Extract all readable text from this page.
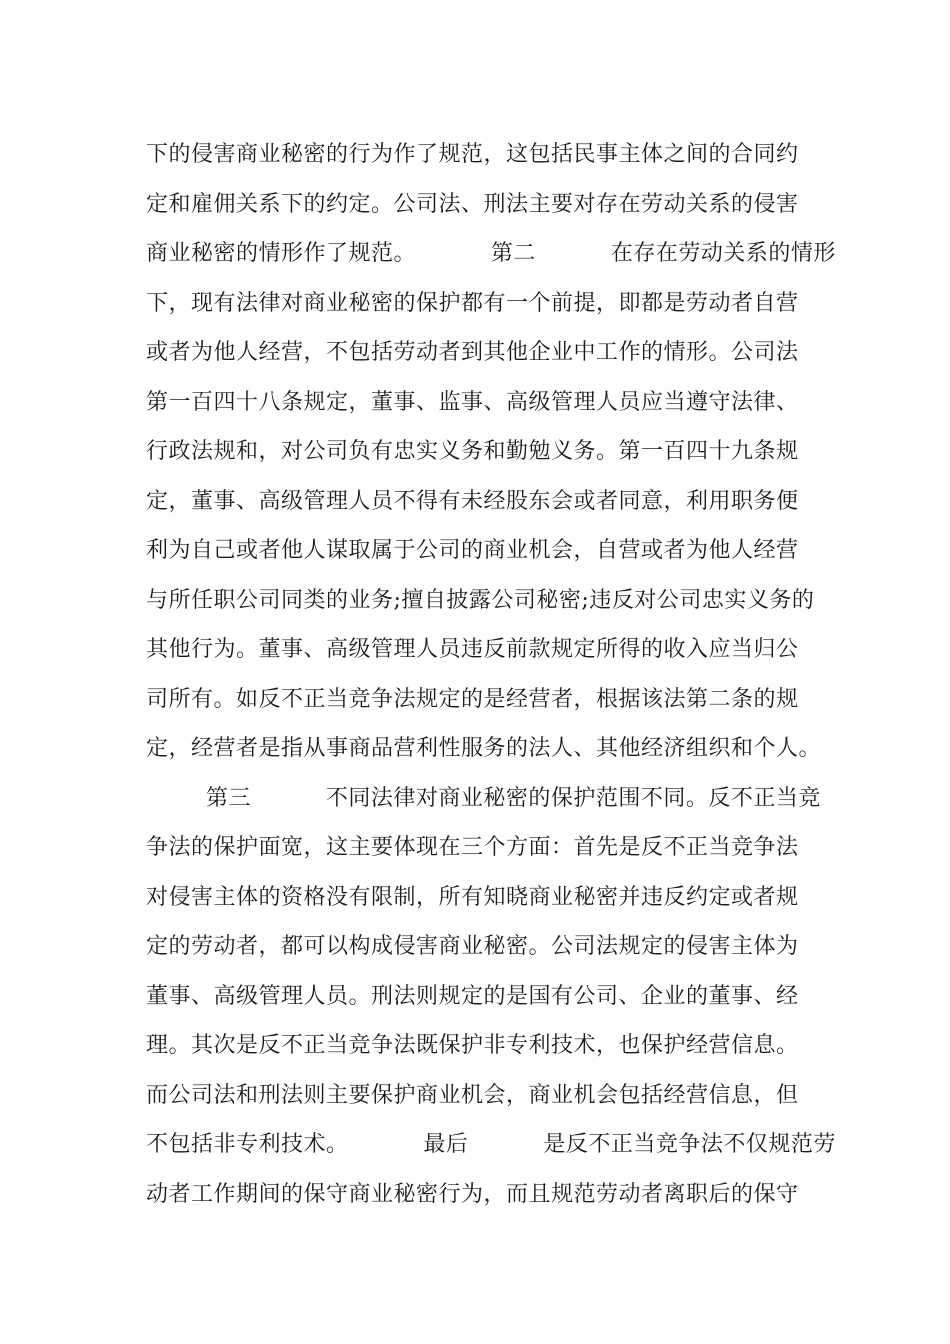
下的侵害商业秘密的行为作了规范，这包括民事主体之间的合同约
定和雇佣关系下的约定。公司法、刑法主要对存在劳动关系的侵害
商业秘密的情形作了规范。          第二          在存在劳动关系的情形
下，现有法律对商业秘密的保护都有一个前提，即都是劳动者自营
或者为他人经营，不包括劳动者到其他企业中工作的情形。公司法
第一百四十八条规定，董事、监事、高级管理人员应当遵守法律、
行政法规和，对公司负有忠实义务和勤勉义务。第一百四十九条规
定，董事、高级管理人员不得有未经股东会或者同意，利用职务便
利为自己或者他人谋取属于公司的商业机会，自营或者为他人经营
与所任职公司同类的业务;擅自披露公司秘密;违反对公司忠实义务的
其他行为。董事、高级管理人员违反前款规定所得的收入应当归公
司所有。如反不正当竞争法规定的是经营者，根据该法第二条的规
定，经营者是指从事商品营利性服务的法人、其他经济组织和个人。
第三          不同法律对商业秘密的保护范围不同。反不正当竞
争法的保护面宽，这主要体现在三个方面：首先是反不正当竞争法
对侵害主体的资格没有限制，所有知晓商业秘密并违反约定或者规
定的劳动者，都可以构成侵害商业秘密。公司法规定的侵害主体为
董事、高级管理人员。刑法则规定的是国有公司、企业的董事、经
理。其次是反不正当竞争法既保护非专利技术，也保护经营信息。
而公司法和刑法则主要保护商业机会，商业机会包括经营信息，但
不包括非专利技术。          最后          是反不正当竞争法不仅规范劳
动者工作期间的保守商业秘密行为，而且规范劳动者离职后的保守
